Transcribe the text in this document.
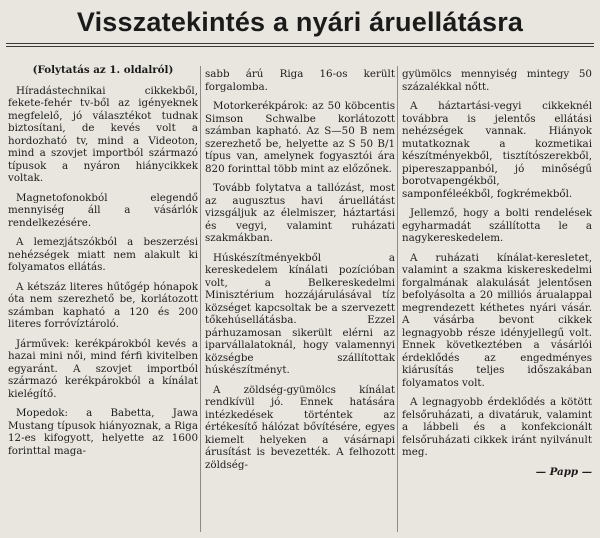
Visszatekintés a nyári áruellátásra

(Folytatás az 1. oldalról)

Híradástechnikai cikkekből, fekete-fehér tv-ből az igényeknek megfelelő, jó választékot tudnak biztosítani, de kevés volt a hordozható tv, mind a Videoton, mind a szovjet importból származó típusok a nyáron hiánycikkek voltak.

Magnetofonokból elegendő mennyiség áll a vásárlók rendelkezésére.

A lemezjátszókból a beszerzési nehézségek miatt nem alakult ki folyamatos ellátás.

A kétszáz literes hűtőgép hónapok óta nem szerezhető be, korlátozott számban kapható a 120 és 200 literes forróvíztároló.

Járművek: kerékpárokból kevés a hazai mini női, mind férfi kivitelben egyaránt. A szovjet importból származó kerékpárokból a kínálat kielégítő.

Mopedok: a Babetta, Jawa Mustang típusok hiányoznak, a Riga 12-es kifogyott, helyette az 1600 forinttal maga-

sabb árú Riga 16-os került forgalomba.

Motorkerékpárok: az 50 köbcentis Simson Schwalbe korlátozott számban kapható. Az S—50 B nem szerezhető be, helyette az S 50 B/1 típus van, amelynek fogyasztói ára 820 forinttal több mint az előzőnek.

Tovább folytatva a tallózást, most az augusztus havi áruellátást vizsgáljuk az élelmiszer, háztartási és vegyi, valamint ruházati szakmákban.

Húskészítményekből a kereskedelem kínálati pozícióban volt, a Belkereskedelmi Minisztérium hozzájárulásával tíz községet kapcsoltak be a szervezett tőkehúsellátásba. Ezzel párhuzamosan sikerült elérni az iparvállalatoknál, hogy valamennyi községbe szállítottak húskészítményt.

A zöldség-gyümölcs kínálat rendkívül jó. Ennek hatására intézkedések történtek az értékesítő hálózat bővítésére, egyes kiemelt helyeken a vásárnapi árusítást is bevezették. A felhozott zöldség-

gyümölcs mennyiség mintegy 50 százalékkal nőtt.

A háztartási-vegyi cikkeknél továbbra is jelentős ellátási nehézségek vannak. Hiányok mutatkoznak a kozmetikai készítményekből, tisztítószerekből, pipereszappanból, jó minőségű borotvapengékből, samponféleékből, fogkrémekből.

Jellemző, hogy a bolti rendelések egyharmadát szállította le a nagykereskedelem.

A ruházati kínálat-keresletet, valamint a szakma kiskereskedelmi forgalmának alakulását jelentősen befolyásolta a 20 milliós árualappal megrendezett kéthetes nyári vásár. A vásárba bevont cikkek legnagyobb része idényjellegű volt. Ennek következtében a vásárlói érdeklődés az engedményes kiárusítás teljes időszakában folyamatos volt.

A legnagyobb érdeklődés a kötött felsőruházati, a divatáruk, valamint a lábbeli és a konfekcionált felsőruházati cikkek iránt nyilvánult meg.

— Papp —
